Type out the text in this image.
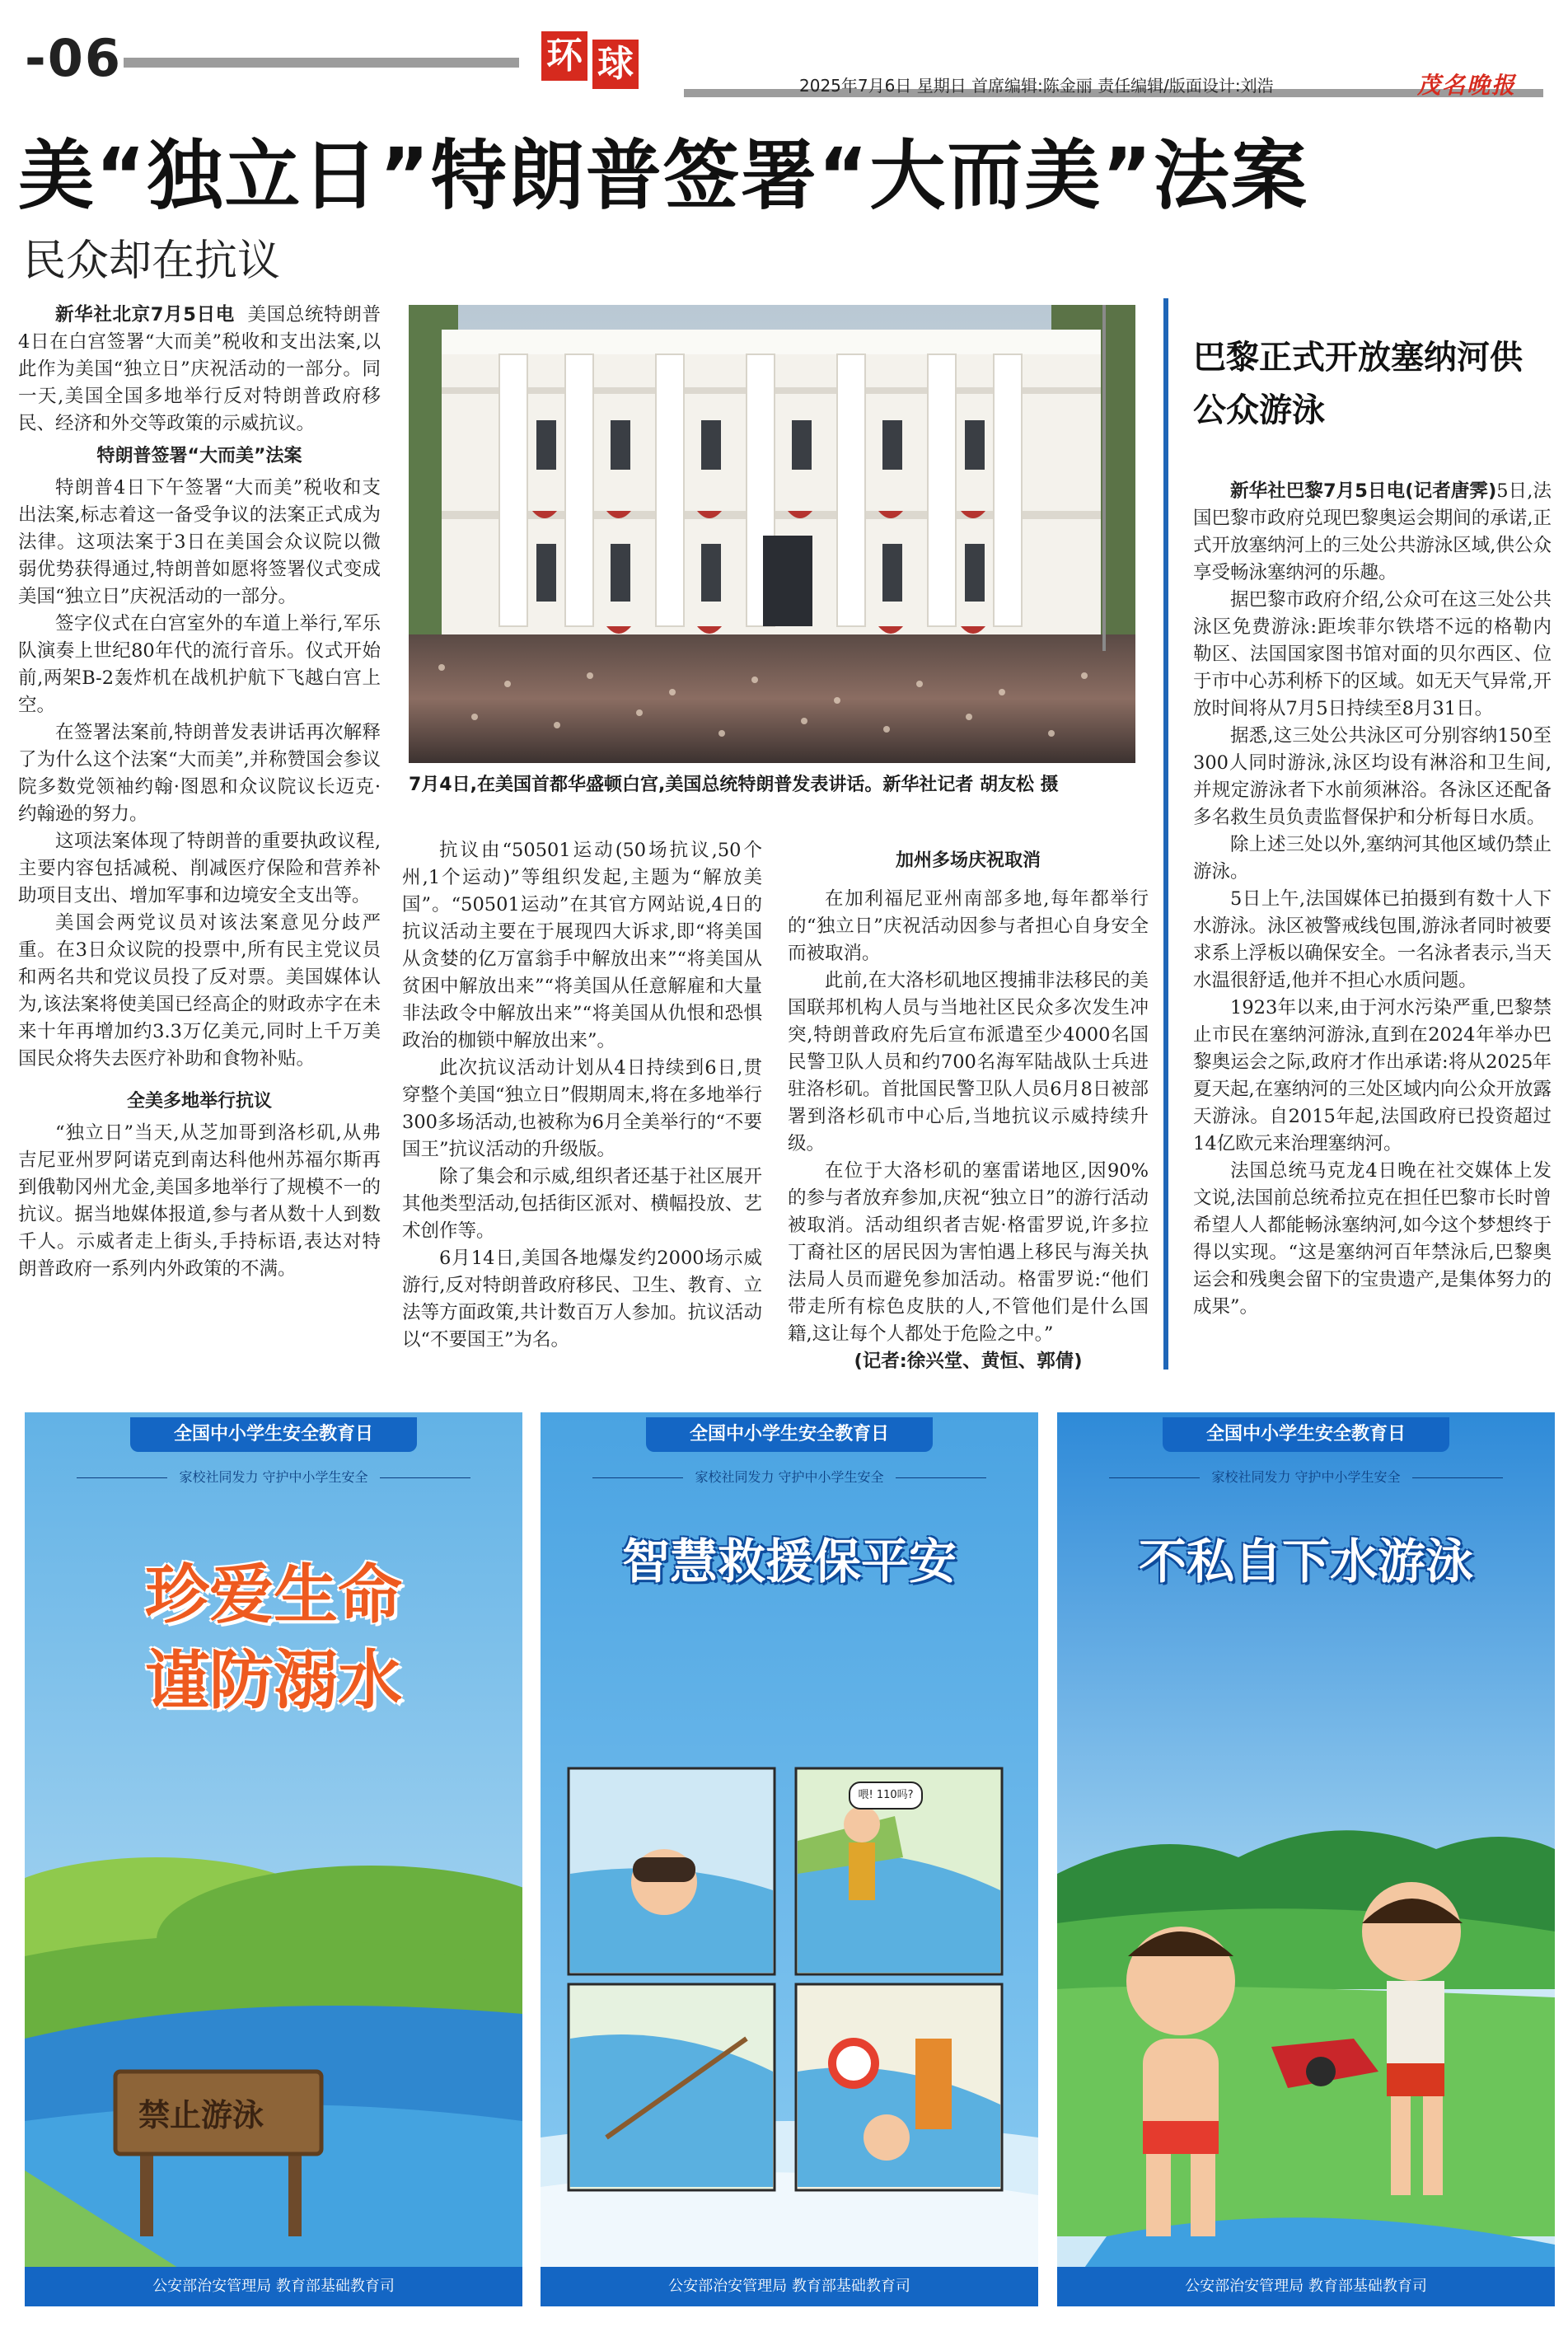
-06	环 球
2025年7月6日 星期日 首席编辑:陈金丽 责任编辑/版面设计:刘浩	茂名晚报
美“独立日”特朗普签署“大而美”法案
民众却在抗议

新华社北京7月5日电 美国总统特朗普4日在白宫签署“大而美”税收和支出法案,以此作为美国“独立日”庆祝活动的一部分。同一天,美国全国多地举行反对特朗普政府移民、经济和外交等政策的示威抗议。

特朗普签署“大而美”法案

特朗普4日下午签署“大而美”税收和支出法案,标志着这一备受争议的法案正式成为法律。这项法案于3日在美国会众议院以微弱优势获得通过,特朗普如愿将签署仪式变成美国“独立日”庆祝活动的一部分。

签字仪式在白宫室外的车道上举行,军乐队演奏上世纪80年代的流行音乐。仪式开始前,两架B-2轰炸机在战机护航下飞越白宫上空。

在签署法案前,特朗普发表讲话再次解释了为什么这个法案“大而美”,并称赞国会参议院多数党领袖约翰·图恩和众议院议长迈克·约翰逊的努力。

这项法案体现了特朗普的重要执政议程,主要内容包括减税、削减医疗保险和营养补助项目支出、增加军事和边境安全支出等。

美国会两党议员对该法案意见分歧严重。在3日众议院的投票中,所有民主党议员和两名共和党议员投了反对票。美国媒体认为,该法案将使美国已经高企的财政赤字在未来十年再增加约3.3万亿美元,同时上千万美国民众将失去医疗补助和食物补贴。

全美多地举行抗议

“独立日”当天,从芝加哥到洛杉矶,从弗吉尼亚州罗阿诺克到南达科他州苏福尔斯再到俄勒冈州尤金,美国多地举行了规模不一的抗议。据当地媒体报道,参与者从数十人到数千人。示威者走上街头,手持标语,表达对特朗普政府一系列内外政策的不满。

7月4日,在美国首都华盛顿白宫,美国总统特朗普发表讲话。新华社记者 胡友松 摄

抗议由“50501运动(50场抗议,50个州,1个运动)”等组织发起,主题为“解放美国”。“50501运动”在其官方网站说,4日的抗议活动主要在于展现四大诉求,即“将美国从贪婪的亿万富翁手中解放出来”“将美国从贫困中解放出来”“将美国从任意解雇和大量非法政令中解放出来”“将美国从仇恨和恐惧政治的枷锁中解放出来”。

此次抗议活动计划从4日持续到6日,贯穿整个美国“独立日”假期周末,将在多地举行300多场活动,也被称为6月全美举行的“不要国王”抗议活动的升级版。

除了集会和示威,组织者还基于社区展开其他类型活动,包括街区派对、横幅投放、艺术创作等。

6月14日,美国各地爆发约2000场示威游行,反对特朗普政府移民、卫生、教育、立法等方面政策,共计数百万人参加。抗议活动以“不要国王”为名。

加州多场庆祝取消

在加利福尼亚州南部多地,每年都举行的“独立日”庆祝活动因参与者担心自身安全而被取消。

此前,在大洛杉矶地区搜捕非法移民的美国联邦机构人员与当地社区民众多次发生冲突,特朗普政府先后宣布派遣至少4000名国民警卫队人员和约700名海军陆战队士兵进驻洛杉矶。首批国民警卫队人员6月8日被部署到洛杉矶市中心后,当地抗议示威持续升级。

在位于大洛杉矶的塞雷诺地区,因90%的参与者放弃参加,庆祝“独立日”的游行活动被取消。活动组织者吉妮·格雷罗说,许多拉丁裔社区的居民因为害怕遇上移民与海关执法局人员而避免参加活动。格雷罗说:“他们带走所有棕色皮肤的人,不管他们是什么国籍,这让每个人都处于危险之中。”

(记者:徐兴堂、黄恒、郭倩)

巴黎正式开放塞纳河供公众游泳

新华社巴黎7月5日电(记者唐霁)5日,法国巴黎市政府兑现巴黎奥运会期间的承诺,正式开放塞纳河上的三处公共游泳区域,供公众享受畅泳塞纳河的乐趣。

据巴黎市政府介绍,公众可在这三处公共泳区免费游泳:距埃菲尔铁塔不远的格勒内勒区、法国国家图书馆对面的贝尔西区、位于市中心苏利桥下的区域。如无天气异常,开放时间将从7月5日持续至8月31日。

据悉,这三处公共泳区可分别容纳150至300人同时游泳,泳区均设有淋浴和卫生间,并规定游泳者下水前须淋浴。各泳区还配备多名救生员负责监督保护和分析每日水质。

除上述三处以外,塞纳河其他区域仍禁止游泳。

5日上午,法国媒体已拍摄到有数十人下水游泳。泳区被警戒线包围,游泳者同时被要求系上浮板以确保安全。一名泳者表示,当天水温很舒适,他并不担心水质问题。

1923年以来,由于河水污染严重,巴黎禁止市民在塞纳河游泳,直到在2024年举办巴黎奥运会之际,政府才作出承诺:将从2025年夏天起,在塞纳河的三处区域内向公众开放露天游泳。自2015年起,法国政府已投资超过14亿欧元来治理塞纳河。

法国总统马克龙4日晚在社交媒体上发文说,法国前总统希拉克在担任巴黎市长时曾希望人人都能畅泳塞纳河,如今这个梦想终于得以实现。“这是塞纳河百年禁泳后,巴黎奥运会和残奥会留下的宝贵遗产,是集体努力的成果”。

全国中小学生安全教育日
家校社同发力 守护中小学生安全
珍爱生命
谨防溺水
禁止游泳
公安部治安管理局 教育部基础教育司
全国中小学生安全教育日
家校社同发力 守护中小学生安全
智慧救援保平安
喂! 110吗?
公安部治安管理局 教育部基础教育司
全国中小学生安全教育日
家校社同发力 守护中小学生安全
不私自下水游泳
公安部治安管理局 教育部基础教育司
